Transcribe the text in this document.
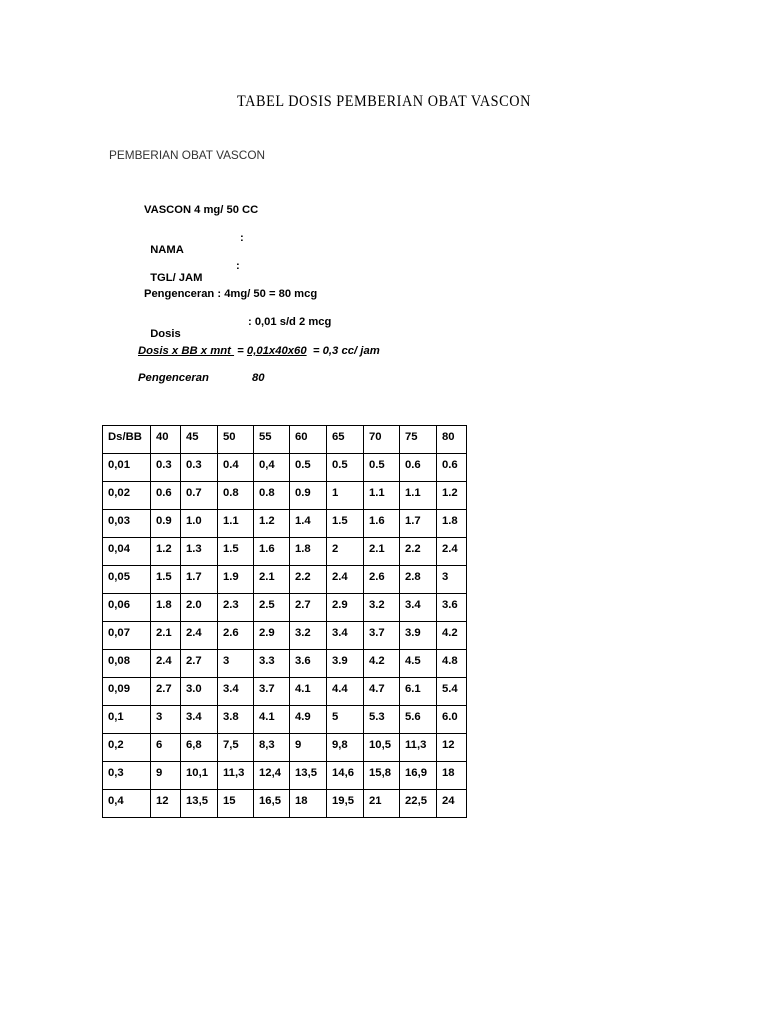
TABEL DOSIS PEMBERIAN OBAT VASCON
PEMBERIAN OBAT VASCON
VASCON 4 mg/ 50 CC

NAMA

:

TGL/ JAM

:

Pengenceran : 4mg/ 50 = 80 mcg

Dosis

: 0,01 s/d 2 mcg

Dosis x BB x mnt  = 0,01x40x60  = 0,3 cc/ jam
Pengenceran	80
Ds/BB	40	45	50	55	60	65	70	75	80
0,01	0.3	0.3	0.4	0,4	0.5	0.5	0.5	0.6	0.6
0,02	0.6	0.7	0.8	0.8	0.9	1	1.1	1.1	1.2
0,03	0.9	1.0	1.1	1.2	1.4	1.5	1.6	1.7	1.8
0,04	1.2	1.3	1.5	1.6	1.8	2	2.1	2.2	2.4
0,05	1.5	1.7	1.9	2.1	2.2	2.4	2.6	2.8	3
0,06	1.8	2.0	2.3	2.5	2.7	2.9	3.2	3.4	3.6
0,07	2.1	2.4	2.6	2.9	3.2	3.4	3.7	3.9	4.2
0,08	2.4	2.7	3	3.3	3.6	3.9	4.2	4.5	4.8
0,09	2.7	3.0	3.4	3.7	4.1	4.4	4.7	6.1	5.4
0,1	3	3.4	3.8	4.1	4.9	5	5.3	5.6	6.0
0,2	6	6,8	7,5	8,3	9	9,8	10,5	11,3	12
0,3	9	10,1	11,3	12,4	13,5	14,6	15,8	16,9	18
0,4	12	13,5	15	16,5	18	19,5	21	22,5	24
